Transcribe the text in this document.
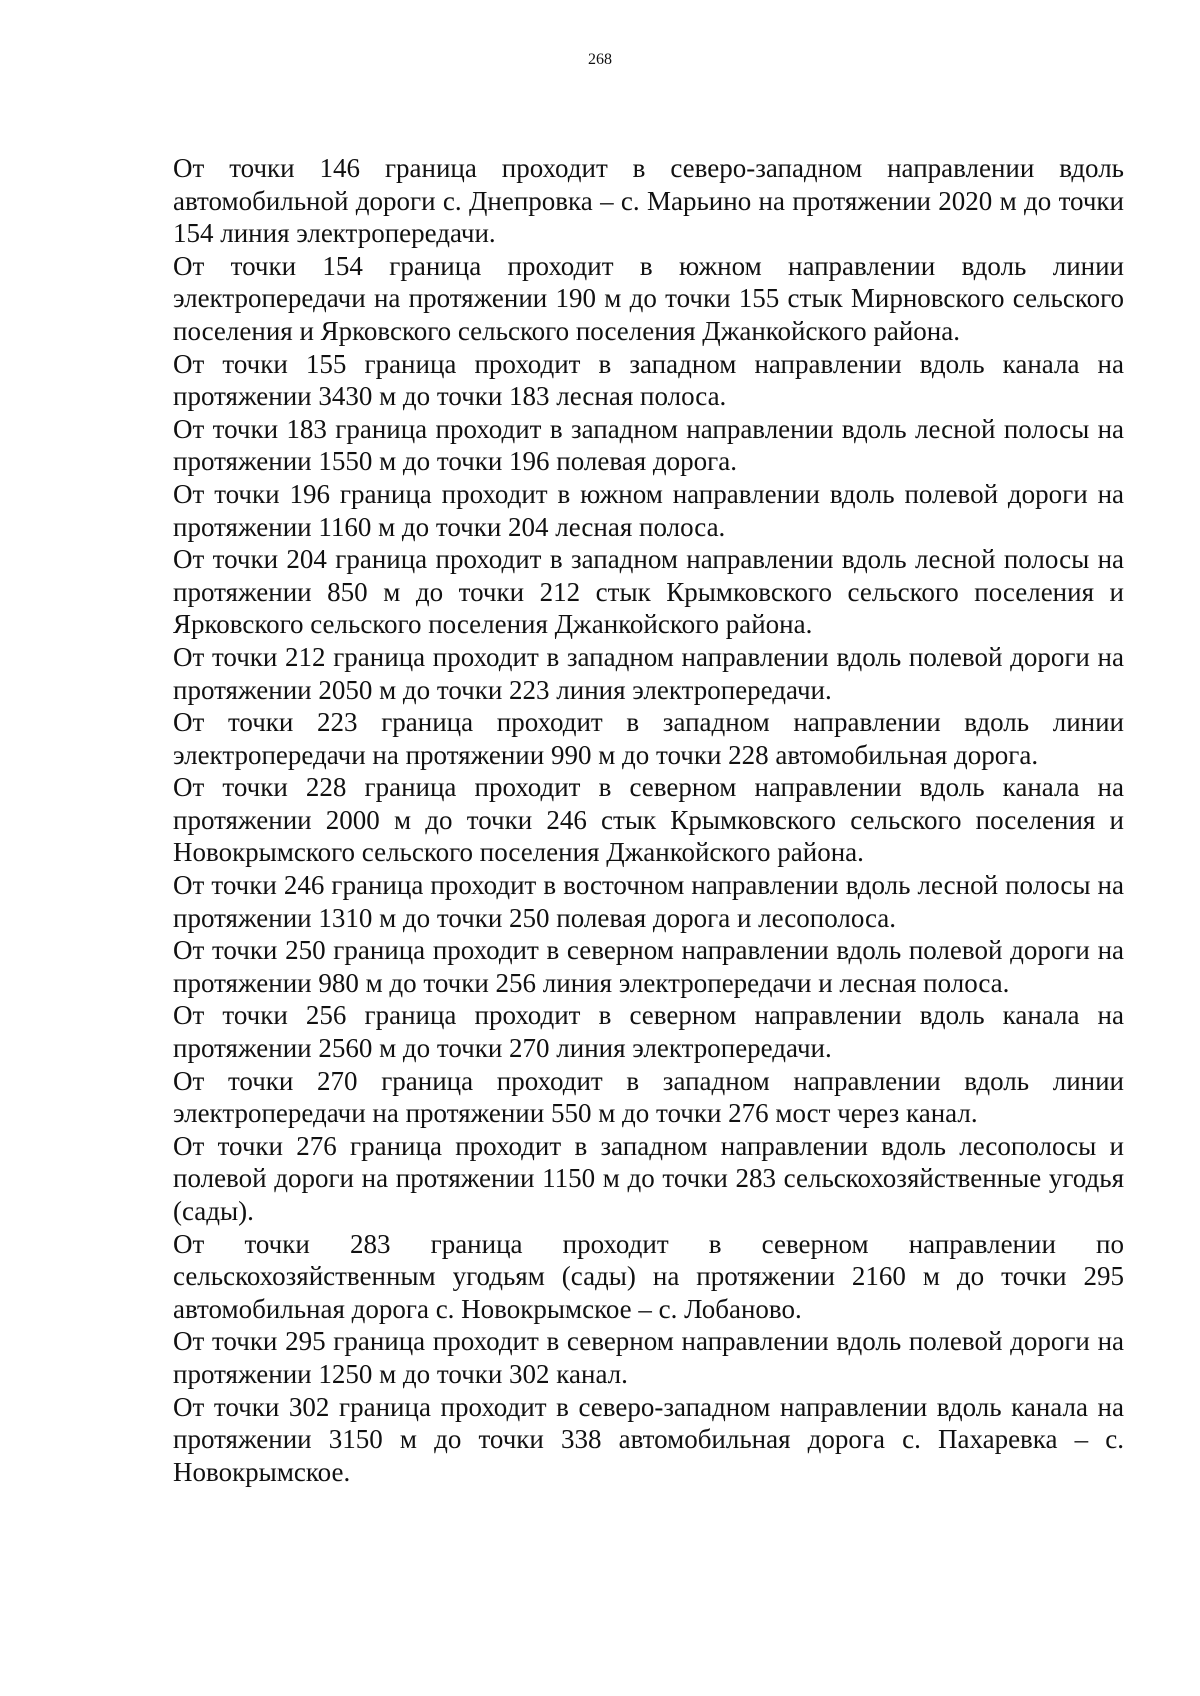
268

От точки 146 граница проходит в северо-западном направлении вдоль автомобильной дороги с. Днепровка – с. Марьино на протяжении 2020 м до точки 154 линия электропередачи.

От точки 154 граница проходит в южном направлении вдоль линии электропередачи на протяжении 190 м до точки 155 стык Мирновского сельского поселения и Ярковского сельского поселения Джанкойского района.

От точки 155 граница проходит в западном направлении вдоль канала на протяжении 3430 м до точки 183 лесная полоса.

От точки 183 граница проходит в западном направлении вдоль лесной полосы на протяжении 1550 м до точки 196 полевая дорога.

От точки 196 граница проходит в южном направлении вдоль полевой дороги на протяжении 1160 м до точки 204 лесная полоса.

От точки 204 граница проходит в западном направлении вдоль лесной полосы на протяжении 850 м до точки 212 стык Крымковского сельского поселения и Ярковского сельского поселения Джанкойского района.

От точки 212 граница проходит в западном направлении вдоль полевой дороги на протяжении 2050 м до точки 223 линия электропередачи.

От точки 223 граница проходит в западном направлении вдоль линии электропередачи на протяжении 990 м до точки 228 автомобильная дорога.

От точки 228 граница проходит в северном направлении вдоль канала на протяжении 2000 м до точки 246 стык Крымковского сельского поселения и Новокрымского сельского поселения Джанкойского района.

От точки 246 граница проходит в восточном направлении вдоль лесной полосы на протяжении 1310 м до точки 250 полевая дорога и лесополоса.

От точки 250 граница проходит в северном направлении вдоль полевой дороги на протяжении 980 м до точки 256 линия электропередачи и лесная полоса.

От точки 256 граница проходит в северном направлении вдоль канала на протяжении 2560 м до точки 270 линия электропередачи.

От точки 270 граница проходит в западном направлении вдоль линии электропередачи на протяжении 550 м до точки 276 мост через канал.

От точки 276 граница проходит в западном направлении вдоль лесополосы и полевой дороги на протяжении 1150 м до точки 283 сельскохозяйственные угодья (сады).

От точки 283 граница проходит в северном направлении по сельскохозяйственным угодьям (сады) на протяжении 2160 м до точки 295 автомобильная дорога с. Новокрымское – с. Лобаново.

От точки 295 граница проходит в северном направлении вдоль полевой дороги на протяжении 1250 м до точки 302 канал.

От точки 302 граница проходит в северо-западном направлении вдоль канала на протяжении 3150 м до точки 338 автомобильная дорога с. Пахаревка – с. Новокрымское.
